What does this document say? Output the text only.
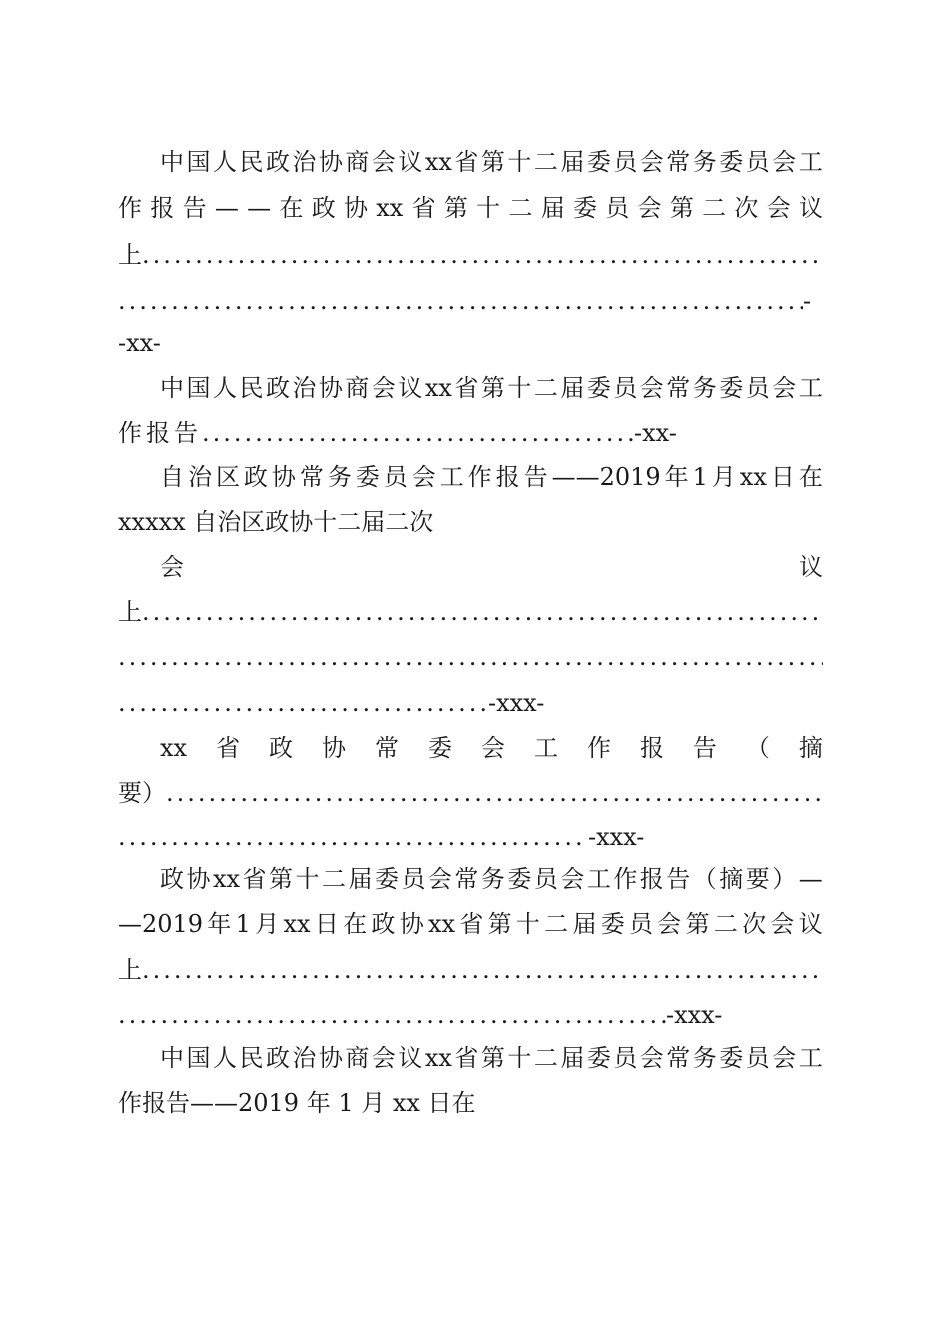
中 国 人 民 政 治 协 商 会 议 xx 省 第 十 二 届 委 员 会 常 务 委 员 会 工
作 报 告 — — 在 政 协 xx 省 第 十 二 届 委 员 会 第 二 次 会 议
上
.....
.....
-
-xx-
中 国 人 民 政 治 协 商 会 议 xx 省 第 十 二 届 委 员 会 常 务 委 员 会 工
作报告
.....	-xx-
自 治 区 政 协 常 务 委 员 会 工 作 报 告 ——2019 年 1 月 xx 日 在
xxxxx 自治区政协十二届二次
会	议
上
.....
.....
.....
-xxx-
xx 省 政 协 常 委 会 工 作 报 告 （ 摘
要）
.....
.....
-xxx-
政 协 xx 省 第 十 二 届 委 员 会 常 务 委 员 会 工 作 报 告 （ 摘 要 ） —
—2019 年 1 月 xx 日 在 政 协 xx 省 第 十 二 届 委 员 会 第 二 次 会 议
上
.....
.....
-xxx-
中 国 人 民 政 治 协 商 会 议 xx 省 第 十 二 届 委 员 会 常 务 委 员 会 工
作报告——2019 年 1 月 xx 日在
